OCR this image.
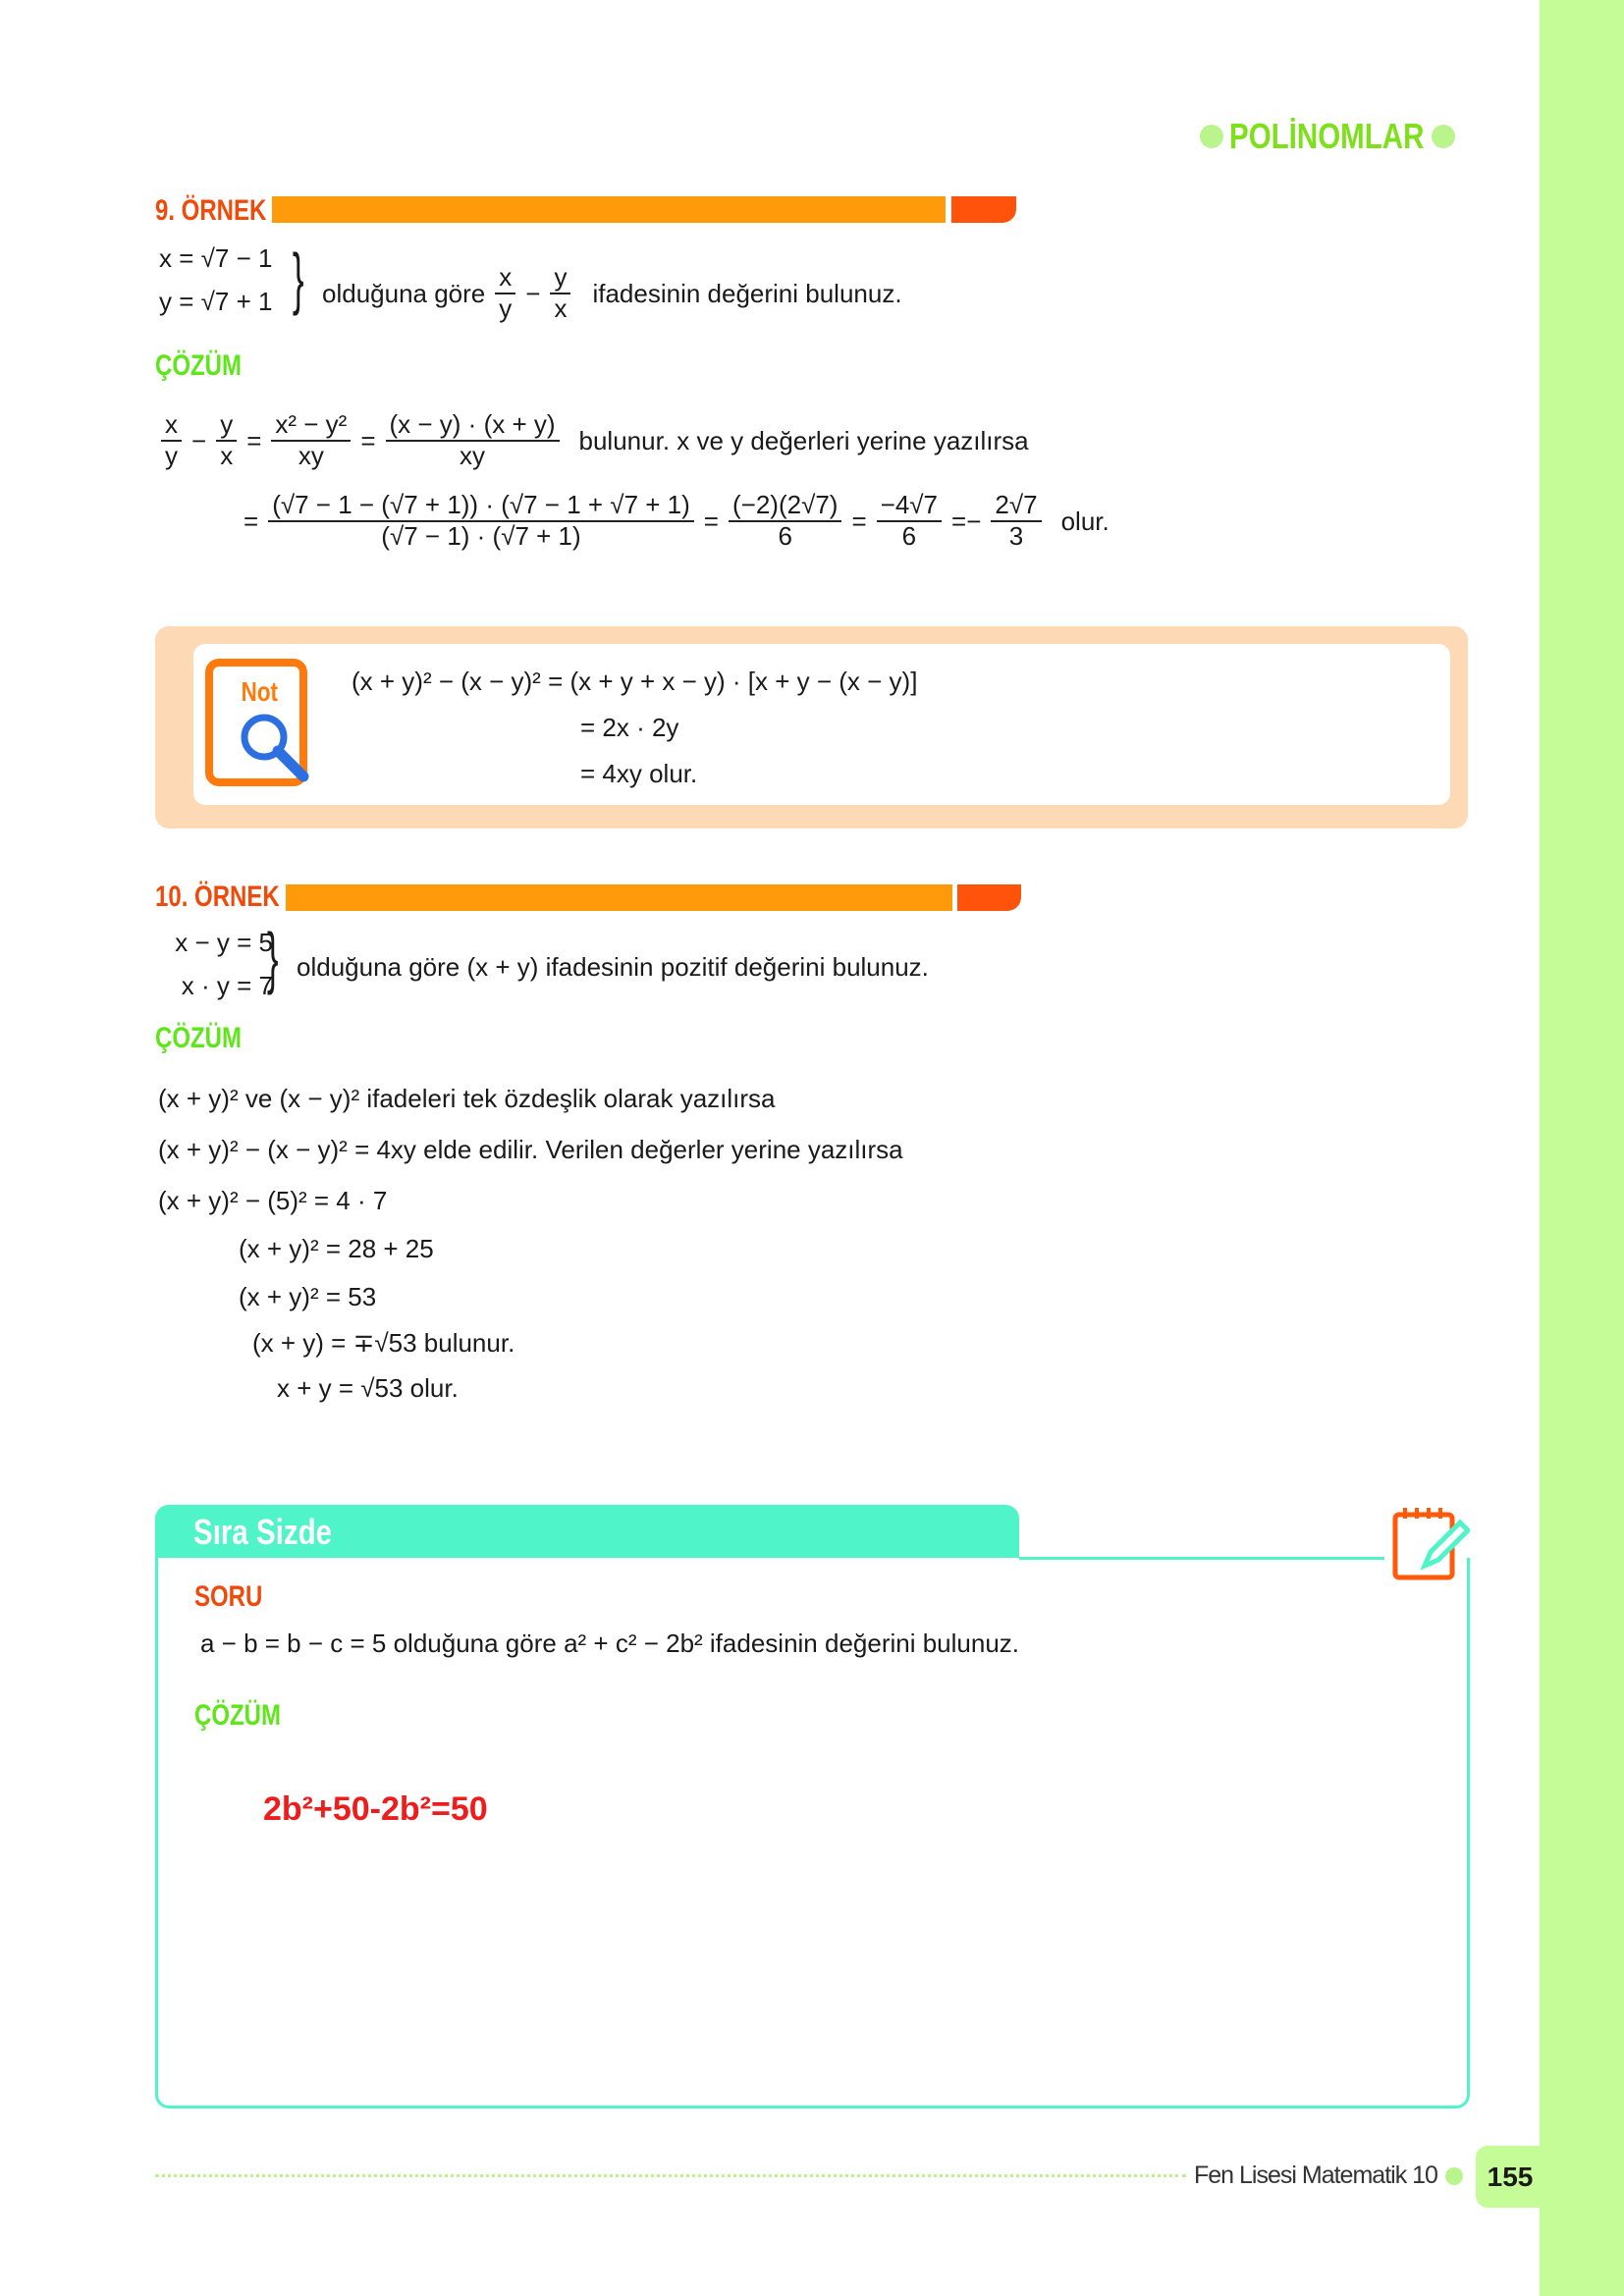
POLİNOMLAR
9. ÖRNEK
x = √7 − 1
y = √7 + 1 } olduğuna göre $\frac{x}{y} - \frac{y}{x}$ ifadesinin değerini bulunuz.
ÇÖZÜM
$\frac{x}{y} - \frac{y}{x} = \frac{\text{x² − y²}}{xy} = \frac{(x - y) \cdot (x + y)}{xy}$ bulunur. x ve y değerleri yerine yazılırsa
= $\frac{(√7 - 1 - (√7 + 1)) \cdot (√7 - 1 + √7 + 1)}{(√7 - 1) \cdot (√7 + 1)} = \frac{(-2)(2√7)}{6} = \frac{-4√7}{6} =- \frac{2√7}{3}$ olur.
Not	(x + y)² − (x − y)² = (x + y + x − y) · [x + y − (x − y)]
= 2x · 2y
= 4xy olur.
10. ÖRNEK
x − y = 5
x · y = 7
} olduğuna göre (x + y) ifadesinin pozitif değerini bulunuz.
ÇÖZÜM
(x + y)² ve (x − y)² ifadeleri tek özdeşlik olarak yazılırsa
(x + y)² − (x − y)² = 4xy elde edilir. Verilen değerler yerine yazılırsa
(x + y)² − (5)² = 4 · 7
(x + y)² = 28 + 25
(x + y)² = 53
(x + y) = ∓√53 bulunur.
x + y = √53 olur.
Sıra Sizde
SORU
a − b = b − c = 5 olduğuna göre a² + c² − 2b² ifadesinin değerini bulunuz.
ÇÖZÜM
2b²+50-2b²=50
Fen Lisesi Matematik 10	155
